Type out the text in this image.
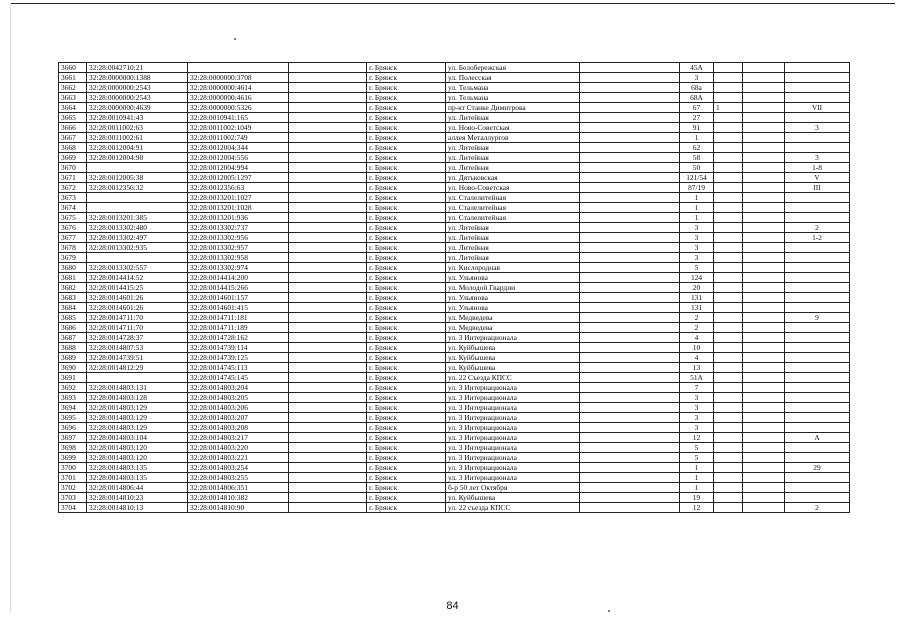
3660	32:28:0042710:21			г. Брянск	ул. Белобережская		45А			
3661	32:28:0000000:1388	32:28:0000000:3708		г. Брянск	ул. Полесская		3			
3662	32:28:0000000:2543	32:28:0000000:4614		г. Брянск	ул. Тельмана		68а			
3663	32:28:0000000:2543	32:28:0000000:4616		г. Брянск	ул. Тельмана		68А			
3664	32:28:0000000:4639	32:28:0000000:5326		г. Брянск	пр-кт Станке Димитрова		67	1		VII
3665	32:28:0010941:43	32:28:0010941:165		г. Брянск	ул. Литейная		27			
3666	32:28:0011002:63	32:28:0011002:1049		г. Брянск	ул. Ново-Советская		91			3
3667	32:28:0011002:61	32:28:0011002:749		г. Брянск	аллея Металлургов		1			
3668	32:28:0012004:91	32:28:0012004:344		г. Брянск	ул. Литейная		62			
3669	32:28:0012004:98	32:28:0012004:556		г. Брянск	ул. Литейная		58			3
3670		32:28:0012004:994		г. Брянск	ул. Литейная		50			1-8
3671	32:28:0012005:38	32:28:0012005:1297		г. Брянск	ул. Дятьковская		121/54			V
3672	32:28:0012356:32	32:28:0012356:63		г. Брянск	ул. Ново-Советская		87/19			III
3673		32:28:0013201:1027		г. Брянск	ул. Сталелитейная		1			
3674		32:28:0013201:1028		г. Брянск	ул. Сталелитейная		1			
3675	32:28:0013201:385	32:28:0013201:936		г. Брянск	ул. Сталелитейная		1			
3676	32:28:0013302:480	32:28:0013302:737		г. Брянск	ул. Литейная		3			2
3677	32:28:0013302:497	32:28:0013302:956		г. Брянск	ул. Литейная		3			1-2
3678	32:28:0013302:935	32:28:0013302:957		г. Брянск	ул. Литейная		3			
3679		32:28:0013302:958		г. Брянск	ул. Литейная		3			
3680	32:28:0013302:557	32:28:0013302:974		г. Брянск	ул. Кислородная		5			
3681	32:28:0014414:52	32:28:0014414:200		г. Брянск	ул. Ульянова		124			
3682	32:28:0014415:25	32:28:0014415:266		г. Брянск	ул. Молодой Гвардии		20			
3683	32:28:0014601:26	32:28:0014601:157		г. Брянск	ул. Ульянова		131			
3684	32:28:0014601:26	32:28:0014601:415		г. Брянск	ул. Ульянова		131			
3685	32:28:0014711:70	32:28:0014711:181		г. Брянск	ул. Медведева		2			9
3686	32:28:0014711:70	32:28:0014711:189		г. Брянск	ул. Медведева		2			
3687	32:28:0014728:37	32:28:0014728:162		г. Брянск	ул. 3 Интернационала		4			
3688	32:28:0014807:53	32:28:0014739:114		г. Брянск	ул. Куйбышева		10			
3689	32:28:0014739:51	32:28:0014739:125		г. Брянск	ул. Куйбышева		4			
3690	32:28:0014812:29	32:28:0014745:113		г. Брянск	ул. Куйбышева		13			
3691		32:28:0014745:145		г. Брянск	ул. 22 Съезда КПСС		51А			
3692	32:28:0014803:131	32:28:0014803:204		г. Брянск	ул. 3 Интернационала		7			
3693	32:28:0014803:128	32:28:0014803:205		г. Брянск	ул. 3 Интернационала		3			
3694	32:28:0014803:129	32:28:0014803:206		г. Брянск	ул. 3 Интернационала		3			
3695	32:28:0014803:129	32:28:0014803:207		г. Брянск	ул. 3 Интернационала		3			
3696	32:28:0014803:129	32:28:0014803:208		г. Брянск	ул. 3 Интернационала		3			
3697	32:28:0014803:104	32:28:0014803:217		г. Брянск	ул. 3 Интернационала		12			А
3698	32:28:0014803:120	32:28:0014803:220		г. Брянск	ул. 3 Интернационала		5			
3699	32:28:0014803:120	32:28:0014803:221		г. Брянск	ул. 3 Интернационала		5			
3700	32:28:0014803:135	32:28:0014803:254		г. Брянск	ул. 3 Интернационала		1			29
3701	32:28:0014803:135	32:28:0014803:255		г. Брянск	ул. 3 Интернационала		1			
3702	32:28:0014806:44	32:28:0014806:351		г. Брянск	б-р 50 лет Октября		1			
3703	32:28:0014810:23	32:28:0014810:382		г. Брянск	ул. Куйбышева		19			
3704	32:28:0014810:13	32:28:0014810:90		г. Брянск	ул. 22 съезда КПСС		12			2
84
